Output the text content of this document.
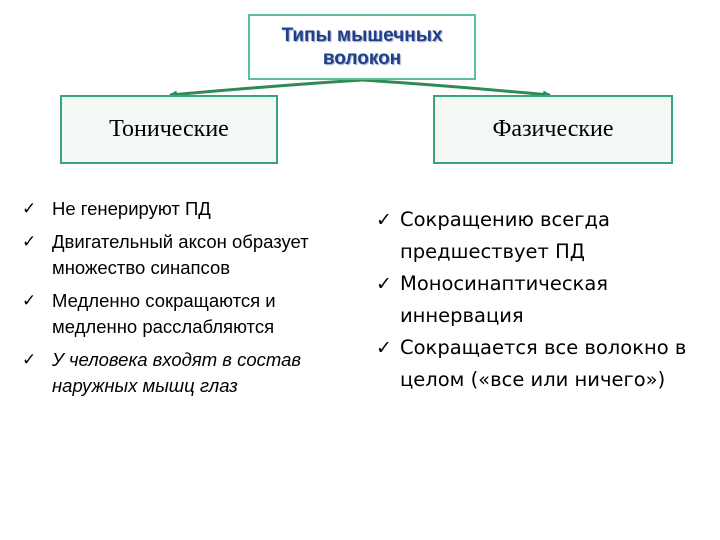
Типы мышечных
волокон
Тонические	Фазические
✓ Не генерируют ПД
✓ Двигательный аксон образует множество синапсов
✓ Медленно сокращаются и медленно расслабляются
✓ У человека входят в состав наружных мышц глаз
✓ Сокращению всегда предшествует ПД
✓ Моносинаптическая иннервация
✓ Сокращается все волокно в целом («все или ничего»)
